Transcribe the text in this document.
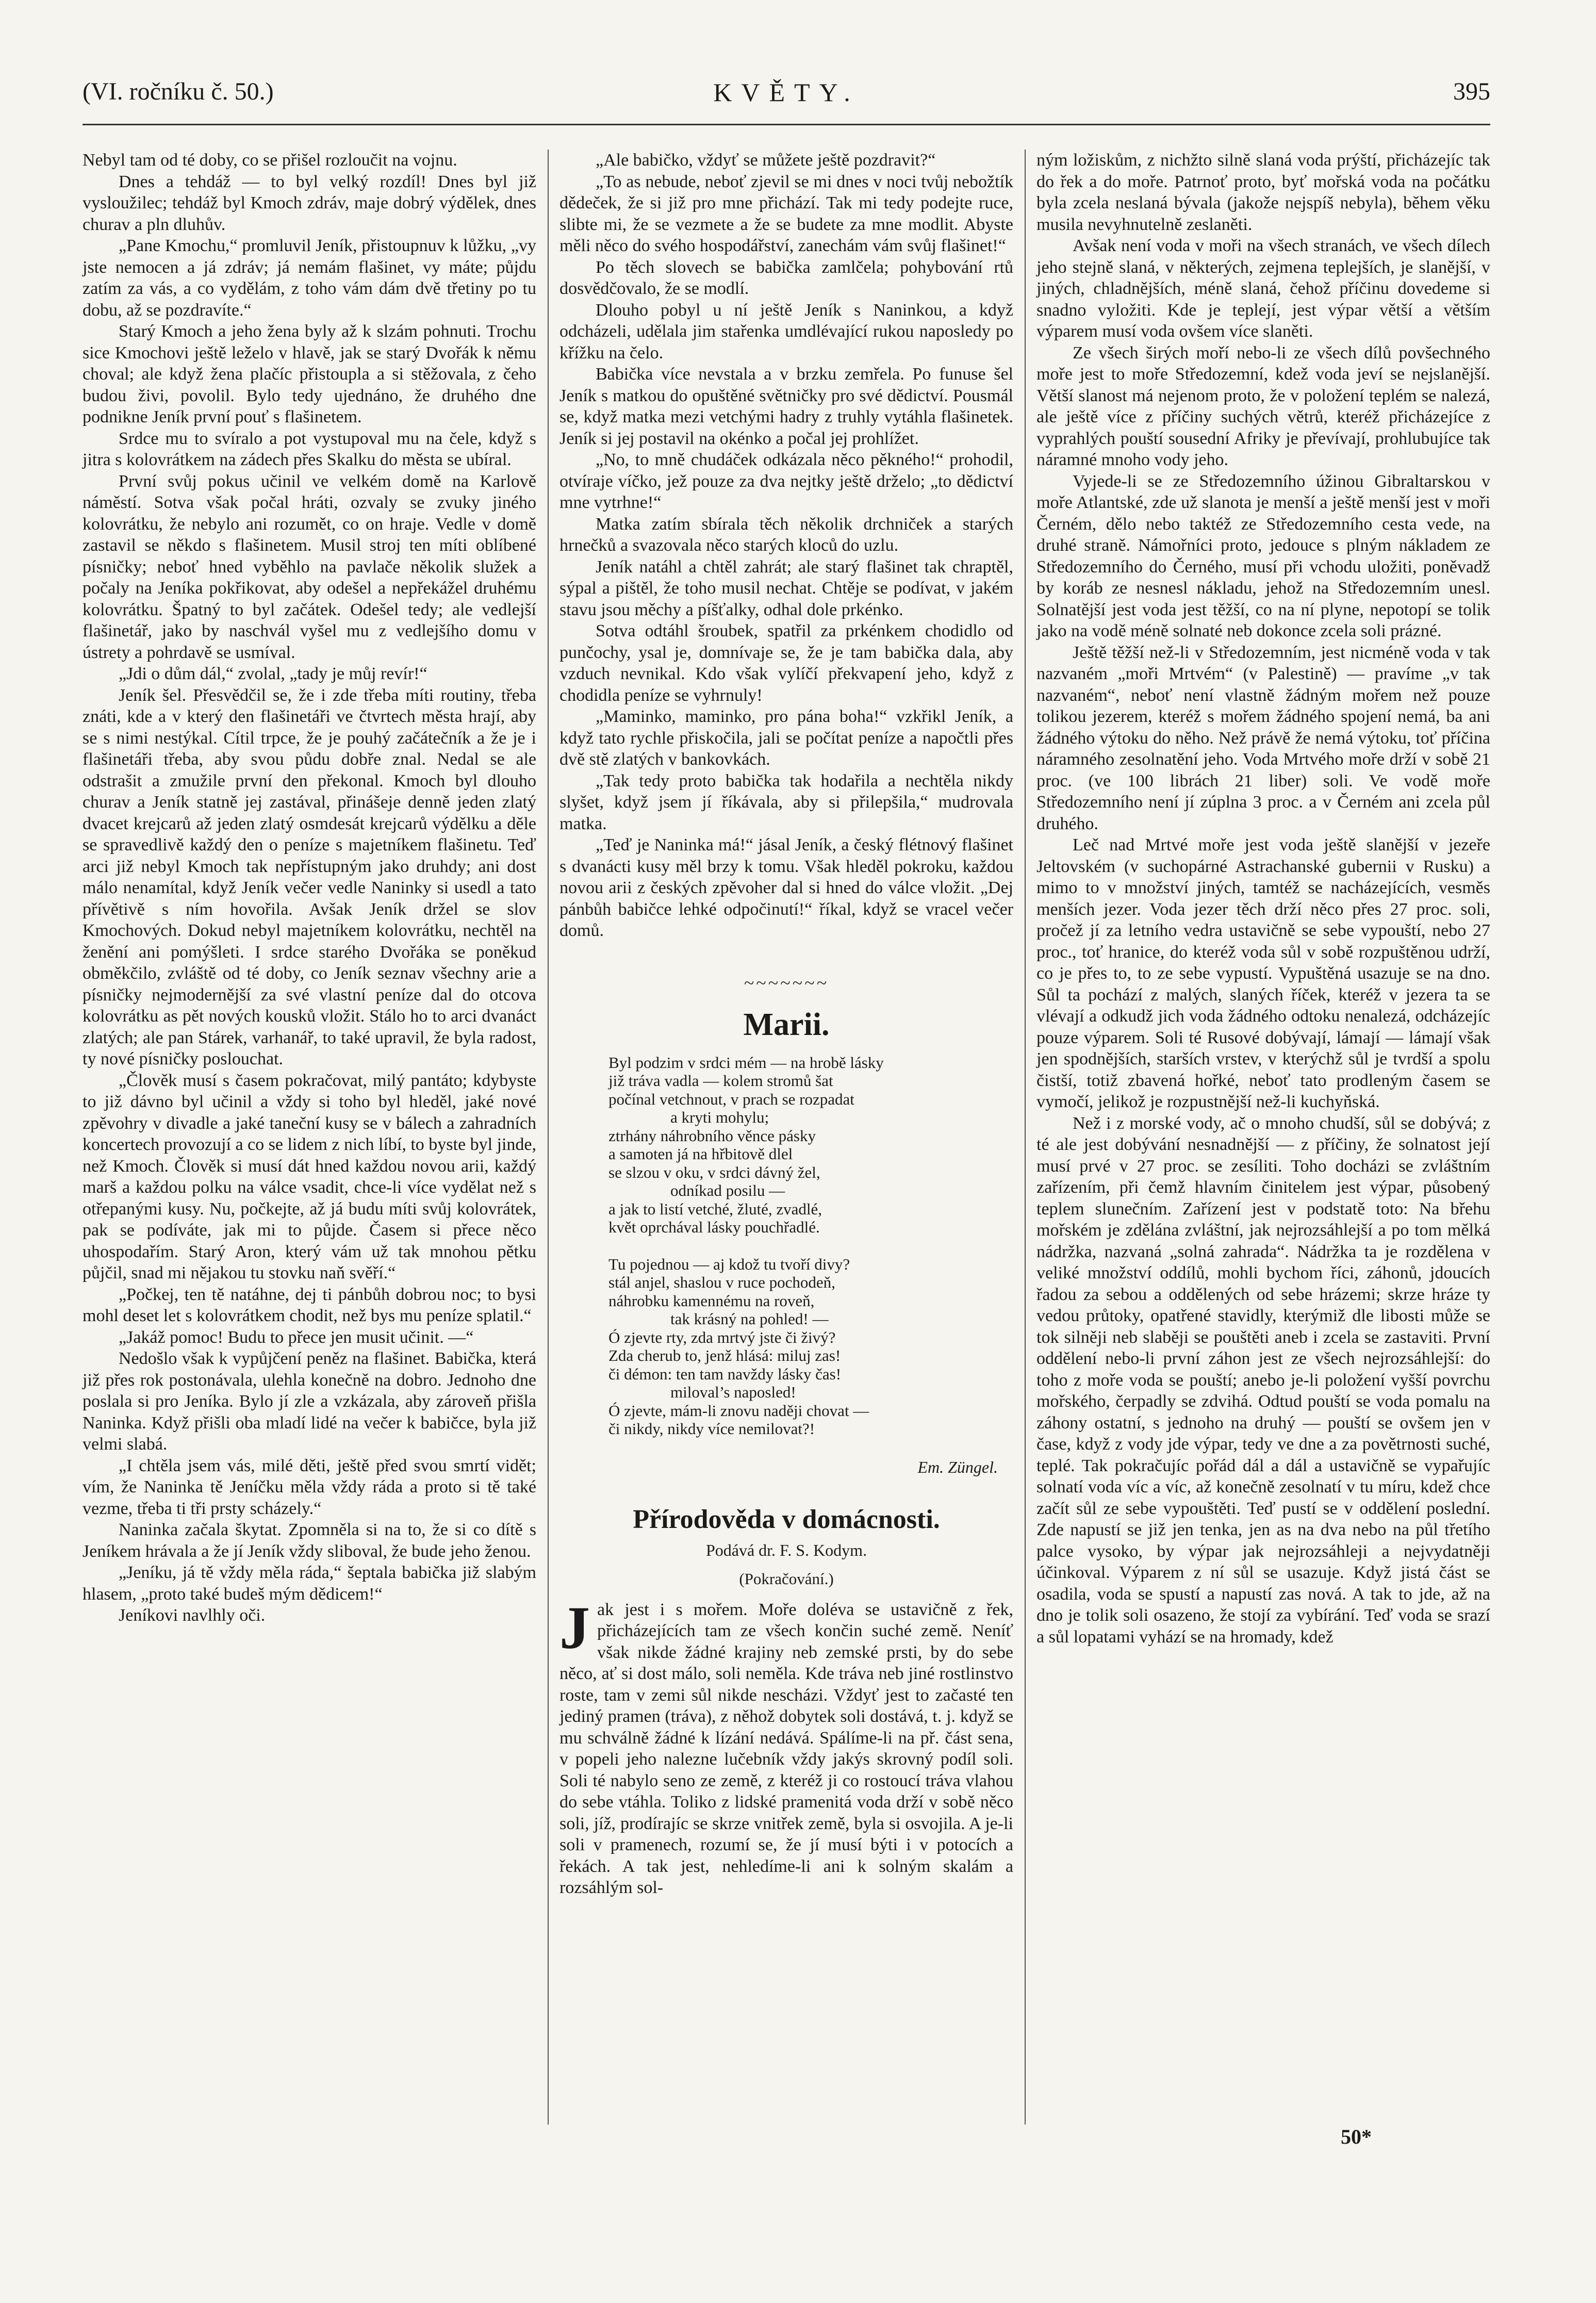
(VI. ročníku č. 50.)	KVĚTY.	395

Nebyl tam od té doby, co se přišel rozloučit na vojnu.

Dnes a tehdáž — to byl velký rozdíl! Dnes byl již vysloužilec; tehdáž byl Kmoch zdráv, maje dobrý výdělek, dnes churav a pln dluhův.

„Pane Kmochu,“ promluvil Jeník, přistoupnuv k lůžku, „vy jste nemocen a já zdráv; já nemám flašinet, vy máte; půjdu zatím za vás, a co vydělám, z toho vám dám dvě třetiny po tu dobu, až se pozdravíte.“

Starý Kmoch a jeho žena byly až k slzám pohnuti. Trochu sice Kmochovi ještě leželo v hlavě, jak se starý Dvořák k němu choval; ale když žena plačíc přistoupla a si stěžovala, z čeho budou živi, povolil. Bylo tedy ujednáno, že druhého dne podnikne Jeník první pouť s flašinetem.

Srdce mu to svíralo a pot vystupoval mu na čele, když s jitra s kolovrátkem na zádech přes Skalku do města se ubíral.

První svůj pokus učinil ve velkém domě na Karlově náměstí. Sotva však počal hráti, ozvaly se zvuky jiného kolovrátku, že nebylo ani rozumět, co on hraje. Vedle v domě zastavil se někdo s flašinetem. Musil stroj ten míti oblíbené písničky; neboť hned vyběhlo na pavlače několik služek a počaly na Jeníka pokřikovat, aby odešel a nepřekážel druhému kolovrátku. Špatný to byl začátek. Odešel tedy; ale vedlejší flašinetář, jako by naschvál vyšel mu z vedlejšího domu v ústrety a pohrdavě se usmíval.

„Jdi o dům dál,“ zvolal, „tady je můj revír!“

Jeník šel. Přesvědčil se, že i zde třeba míti routiny, třeba znáti, kde a v který den flašinetáři ve čtvrtech města hrají, aby se s nimi nestýkal. Cítil trpce, že je pouhý začátečník a že je i flašinetáři třeba, aby svou půdu dobře znal. Nedal se ale odstrašit a zmužile první den překonal. Kmoch byl dlouho churav a Jeník statně jej zastával, přinášeje denně jeden zlatý dvacet krejcarů až jeden zlatý osmdesát krejcarů výdělku a děle se spravedlivě každý den o peníze s majetníkem flašinetu. Teď arci již nebyl Kmoch tak nepřístupným jako druhdy; ani dost málo nenamítal, když Jeník večer vedle Naninky si usedl a tato přívětivě s ním hovořila. Avšak Jeník držel se slov Kmochových. Dokud nebyl majetníkem kolovrátku, nechtěl na ženění ani pomýšleti. I srdce starého Dvořáka se poněkud obměkčilo, zvláště od té doby, co Jeník seznav všechny arie a písničky nejmodernější za své vlastní peníze dal do otcova kolovrátku as pět nových kousků vložit. Stálo ho to arci dvanáct zlatých; ale pan Stárek, varhanář, to také upravil, že byla radost, ty nové písničky poslouchat.

„Člověk musí s časem pokračovat, milý pantáto; kdybyste to již dávno byl učinil a vždy si toho byl hleděl, jaké nové zpěvohry v divadle a jaké taneční kusy se v bálech a zahradních koncertech provozují a co se lidem z nich líbí, to byste byl jinde, než Kmoch. Člověk si musí dát hned každou novou arii, každý marš a každou polku na válce vsadit, chce-li více vydělat než s otřepanými kusy. Nu, počkejte, až já budu míti svůj kolovrátek, pak se podíváte, jak mi to půjde. Časem si přece něco uhospodařím. Starý Aron, který vám už tak mnohou pětku půjčil, snad mi nějakou tu stovku naň svěří.“

„Počkej, ten tě natáhne, dej ti pánbůh dobrou noc; to bysi mohl deset let s kolovrátkem chodit, než bys mu peníze splatil.“

„Jakáž pomoc! Budu to přece jen musit učinit. —“

Nedošlo však k vypůjčení peněz na flašinet. Babička, která již přes rok postonávala, ulehla konečně na dobro. Jednoho dne poslala si pro Jeníka. Bylo jí zle a vzkázala, aby zároveň přišla Naninka. Když přišli oba mladí lidé na večer k babičce, byla již velmi slabá.

„I chtěla jsem vás, milé děti, ještě před svou smrtí vidět; vím, že Naninka tě Jeníčku měla vždy ráda a proto si tě také vezme, třeba ti tři prsty scházely.“

Naninka začala škytat. Zpomněla si na to, že si co dítě s Jeníkem hrávala a že jí Jeník vždy sliboval, že bude jeho ženou.

„Jeníku, já tě vždy měla ráda,“ šeptala babička již slabým hlasem, „proto také budeš mým dědicem!“

Jeníkovi navlhly oči.

„Ale babičko, vždyť se můžete ještě pozdravit?“

„To as nebude, neboť zjevil se mi dnes v noci tvůj nebožtík dědeček, že si již pro mne přichází. Tak mi tedy podejte ruce, slibte mi, že se vezmete a že se budete za mne modlit. Abyste měli něco do svého hospodářství, zanechám vám svůj flašinet!“

Po těch slovech se babička zamlčela; pohybování rtů dosvědčovalo, že se modlí.

Dlouho pobyl u ní ještě Jeník s Naninkou, a když odcházeli, udělala jim stařenka umdlévající rukou naposledy po křížku na čelo.

Babička více nevstala a v brzku zemřela. Po funuse šel Jeník s matkou do opuštěné světničky pro své dědictví. Pousmál se, když matka mezi vetchými hadry z truhly vytáhla flašinetek. Jeník si jej postavil na okénko a počal jej prohlížet.

„No, to mně chudáček odkázala něco pěkného!“ prohodil, otvíraje víčko, jež pouze za dva nejtky ještě drželo; „to dědictví mne vytrhne!“

Matka zatím sbírala těch několik drchniček a starých hrnečků a svazovala něco starých kloců do uzlu.

Jeník natáhl a chtěl zahrát; ale starý flašinet tak chraptěl, sýpal a pištěl, že toho musil nechat. Chtěje se podívat, v jakém stavu jsou měchy a píšťalky, odhal dole prkénko.

Sotva odtáhl šroubek, spatřil za prkénkem chodidlo od punčochy, ysal je, domnívaje se, že je tam babička dala, aby vzduch nevnikal. Kdo však vylíčí překvapení jeho, když z chodidla peníze se vyhrnuly!

„Maminko, maminko, pro pána boha!“ vzkřikl Jeník, a když tato rychle přiskočila, jali se počítat peníze a napočtli přes dvě stě zlatých v bankovkách.

„Tak tedy proto babička tak hodařila a nechtěla nikdy slyšet, když jsem jí říkávala, aby si přilepšila,“ mudrovala matka.

„Teď je Naninka má!“ jásal Jeník, a český flétnový flašinet s dvanácti kusy měl brzy k tomu. Však hleděl pokroku, každou novou arii z českých zpěvoher dal si hned do válce vložit. „Dej pánbůh babičce lehké odpočinutí!“ říkal, když se vracel večer domů.

~~~~~~~
Marii.
Byl podzim v srdci mém — na hrobě lásky
již tráva vadla — kolem stromů šat
počínal vetchnout, v prach se rozpadat
a kryti mohylu;
ztrhány náhrobního věnce pásky
a samoten já na hřbitově dlel
se slzou v oku, v srdci dávný žel,
odníkad posilu —
a jak to listí vetché, žluté, zvadlé,
květ oprchával lásky pouchřadlé.
Tu pojednou — aj kdož tu tvoří divy?
stál anjel, shaslou v ruce pochodeň,
náhrobku kamennému na roveň,
tak krásný na pohled! —
Ó zjevte rty, zda mrtvý jste či živý?
Zda cherub to, jenž hlásá: miluj zas!
či démon: ten tam navždy lásky čas!
miloval’s naposled!
Ó zjevte, mám-li znovu naději chovat —
či nikdy, nikdy více nemilovat?!
Em. Züngel.
Přírodověda v domácnosti.
Podává dr. F. S. Kodym.
(Pokračování.)

Jak jest i s mořem. Moře doléva se ustavičně z řek, přicházejících tam ze všech končin suché země. Neníť však nikde žádné krajiny neb zemské prsti, by do sebe něco, ať si dost málo, soli neměla. Kde tráva neb jiné rostlinstvo roste, tam v zemi sůl nikde nescházi. Vždyť jest to začasté ten jediný pramen (tráva), z něhož dobytek soli dostává, t. j. když se mu schválně žádné k lízání nedává. Spálíme-li na př. část sena, v popeli jeho nalezne lučebník vždy jakýs skrovný podíl soli. Soli té nabylo seno ze země, z kteréž ji co rostoucí tráva vlahou do sebe vtáhla. Toliko z lidské pramenitá voda drží v sobě něco soli, jíž, prodírajíc se skrze vnitřek země, byla si osvojila. A je-li soli v pramenech, rozumí se, že jí musí býti i v potocích a řekách. A tak jest, nehledíme-li ani k solným skalám a rozsáhlým sol-

ným ložiskům, z nichžto silně slaná voda prýští, přicházejíc tak do řek a do moře. Patrnoť proto, byť mořská voda na počátku byla zcela neslaná bývala (jakože nejspíš nebyla), během věku musila nevyhnutelně zeslaněti.

Avšak není voda v moři na všech stranách, ve všech dílech jeho stejně slaná, v některých, zejmena teplejších, je slanější, v jiných, chladnějších, méně slaná, čehož příčinu dovedeme si snadno vyložiti. Kde je teplejí, jest výpar větší a větším výparem musí voda ovšem více slaněti.

Ze všech širých moří nebo-li ze všech dílů povšechného moře jest to moře Středozemní, kdež voda jeví se nejslanější. Větší slanost má nejenom proto, že v položení teplém se nalezá, ale ještě více z příčiny suchých větrů, kteréž přicházejíce z vyprahlých pouští sousední Afriky je převívají, prohlubujíce tak náramné mnoho vody jeho.

Vyjede-li se ze Středozemního úžinou Gibraltarskou v moře Atlantské, zde už slanota je menší a ještě menší jest v moři Černém, dělo nebo taktéž ze Středozemního cesta vede, na druhé straně. Námořníci proto, jedouce s plným nákladem ze Středozemního do Černého, musí při vchodu uložiti, poněvadž by koráb ze nesnesl nákladu, jehož na Středozemním unesl. Solnatější jest voda jest těžší, co na ní plyne, nepotopí se tolik jako na vodě méně solnaté neb dokonce zcela soli prázné.

Ještě těžší než-li v Středozemním, jest nicméně voda v tak nazvaném „moři Mrtvém“ (v Palestině) — pravíme „v tak nazvaném“, neboť není vlastně žádným mořem než pouze tolikou jezerem, kteréž s mořem žádného spojení nemá, ba ani žádného výtoku do něho. Než právě že nemá výtoku, toť příčina náramného zesolnatění jeho. Voda Mrtvého moře drží v sobě 21 proc. (ve 100 librách 21 liber) soli. Ve vodě moře Středozemního není jí zúplna 3 proc. a v Černém ani zcela půl druhého.

Leč nad Mrtvé moře jest voda ještě slanější v jezeře Jeltovském (v suchopárné Astrachanské gubernii v Rusku) a mimo to v množství jiných, tamtéž se nacházejících, vesměs menších jezer. Voda jezer těch drží něco přes 27 proc. soli, pročež jí za letního vedra ustavičně se sebe vypouští, nebo 27 proc., toť hranice, do kteréž voda sůl v sobě rozpuštěnou udrží, co je přes to, to ze sebe vypustí. Vypuštěná usazuje se na dno. Sůl ta pochází z malých, slaných říček, kteréž v jezera ta se vlévají a odkudž jich voda žádného odtoku nenalezá, odcházejíc pouze výparem. Soli té Rusové dobývají, lámají — lámají však jen spodnějších, starších vrstev, v kterýchž sůl je tvrdší a spolu čistší, totiž zbavená hořké, neboť tato prodleným časem se vymočí, jelikož je rozpustnější než-li kuchyňská.

Než i z morské vody, ač o mnoho chudší, sůl se dobývá; z té ale jest dobývání nesnadnější — z příčiny, že solnatost její musí prvé v 27 proc. se zesíliti. Toho docházi se zvláštním zařízením, při čemž hlavním činitelem jest výpar, působený teplem slunečním. Zařízení jest v podstatě toto: Na břehu mořském je zdělána zvláštní, jak nejrozsáhlejší a po tom mělká nádržka, nazvaná „solná zahrada“. Nádržka ta je rozdělena v veliké množství oddílů, mohli bychom říci, záhonů, jdoucích řadou za sebou a oddělených od sebe hrázemi; skrze hráze ty vedou průtoky, opatřené stavidly, kterýmiž dle libosti může se tok silněji neb slaběji se pouštěti aneb i zcela se zastaviti. První oddělení nebo-li první záhon jest ze všech nejrozsáhlejší: do toho z moře voda se pouští; anebo je-li položení vyšší povrchu mořského, čerpadly se zdvihá. Odtud pouští se voda pomalu na záhony ostatní, s jednoho na druhý — pouští se ovšem jen v čase, když z vody jde výpar, tedy ve dne a za povětrnosti suché, teplé. Tak pokračujíc pořád dál a dál a ustavičně se vypařujíc solnatí voda víc a víc, až konečně zesolnatí v tu míru, kdež chce začít sůl ze sebe vypouštěti. Teď pustí se v oddělení poslední. Zde napustí se již jen tenka, jen as na dva nebo na půl třetího palce vysoko, by výpar jak nejrozsáhleji a nejvydatněji účinkoval. Výparem z ní sůl se usazuje. Když jistá část se osadila, voda se spustí a napustí zas nová. A tak to jde, až na dno je tolik soli osazeno, že stojí za vybírání. Teď voda se srazí a sůl lopatami vyhází se na hromady, kdež

50*
